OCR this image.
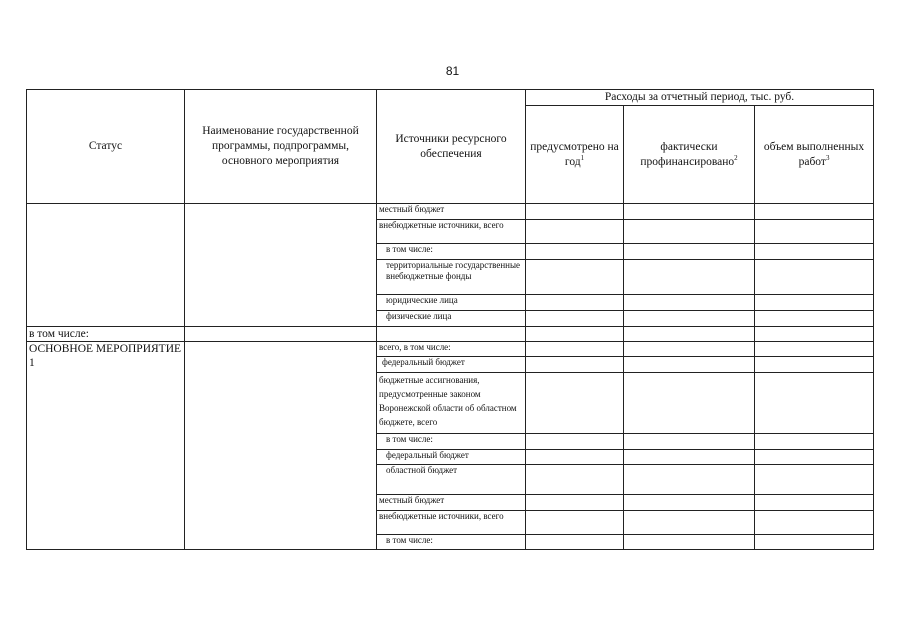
81
Статус	Наименование государственной программы, подпрограммы, основного мероприятия	Источники ресурсного обеспечения	Расходы за отчетный период, тыс. руб.		
			предусмотрено на год$^1$	фактически профинансировано$^2$	объем выполненных работ$^3$
		местный бюджет			
		внебюджетные источники, всего			
		в том числе:			
		территориальные государственные внебюджетные фонды			
		юридические лица			
		физические лица			
в том числе:					
ОСНОВНОЕ МЕРОПРИЯТИЕ 1		всего, в том числе:			
		федеральный бюджет			
		бюджетные ассигнования, предусмотренные законом Воронежской области об областном бюджете, всего			
		в том числе:			
		федеральный бюджет			
		областной бюджет			
		местный бюджет			
		внебюджетные источники, всего			
		в том числе:			
